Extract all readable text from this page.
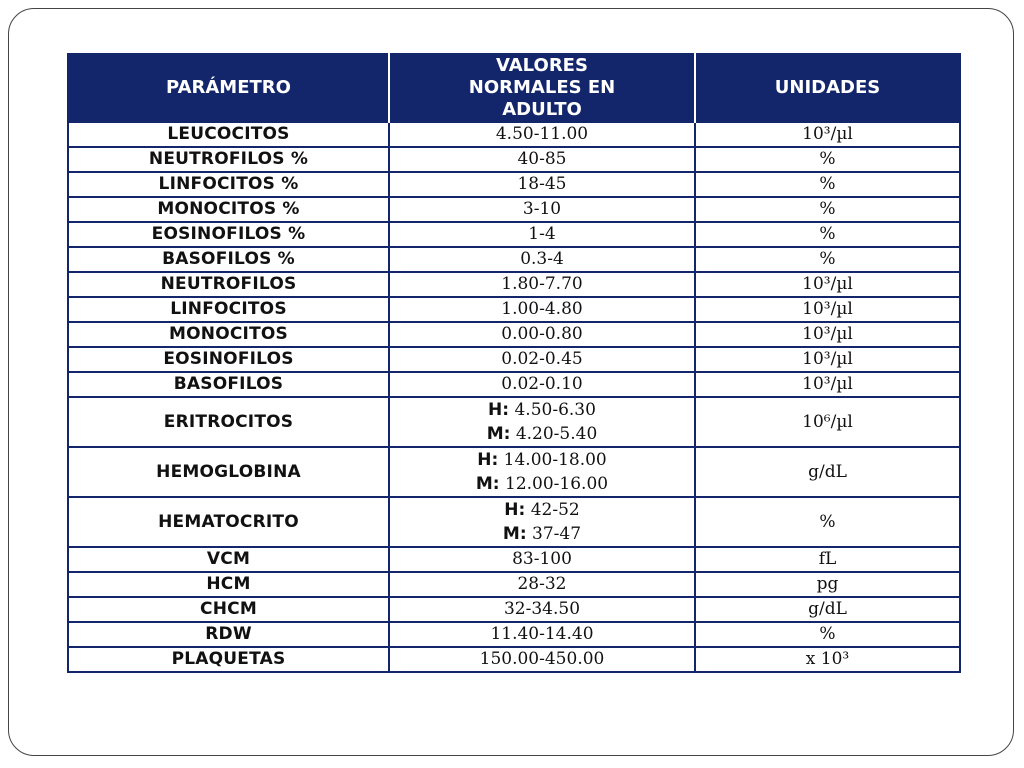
PARÁMETRO	VALORES NORMALES EN ADULTO	UNIDADES
LEUCOCITOS	4.50-11.00	10³/µl
NEUTROFILOS %	40-85	%
LINFOCITOS %	18-45	%
MONOCITOS %	3-10	%
EOSINOFILOS %	1-4	%
BASOFILOS %	0.3-4	%
NEUTROFILOS	1.80-7.70	10³/µl
LINFOCITOS	1.00-4.80	10³/µl
MONOCITOS	0.00-0.80	10³/µl
EOSINOFILOS	0.02-0.45	10³/µl
BASOFILOS	0.02-0.10	10³/µl
ERITROCITOS	H: 4.50-6.30
M: 4.20-5.40	10⁶/µl
HEMOGLOBINA	H: 14.00-18.00
M: 12.00-16.00	g/dL
HEMATOCRITO	H: 42-52
M: 37-47	%
VCM	83-100	fL
HCM	28-32	pg
CHCM	32-34.50	g/dL
RDW	11.40-14.40	%
PLAQUETAS	150.00-450.00	x 10³
